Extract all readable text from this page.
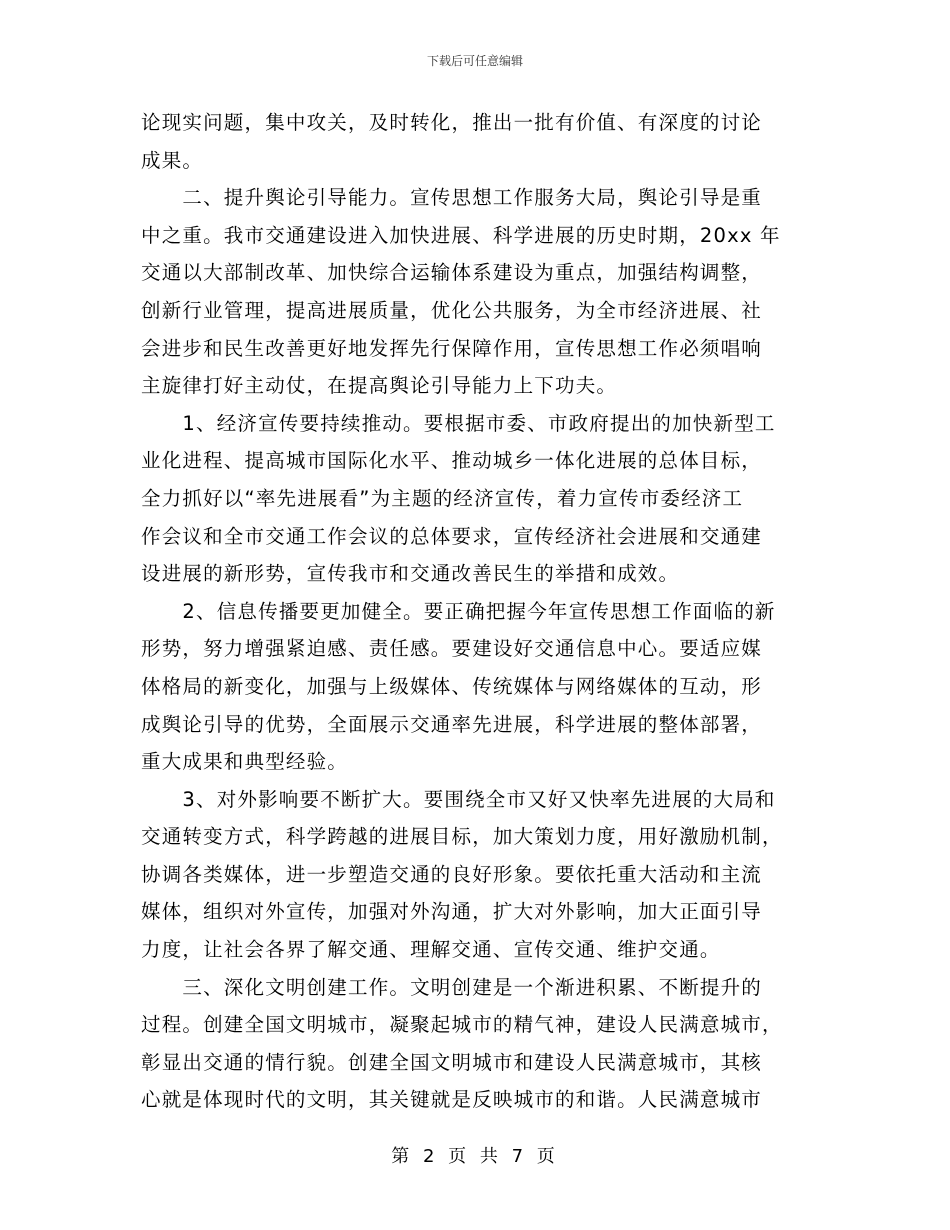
下载后可任意编辑
论现实问题，集中攻关，及时转化，推出一批有价值、有深度的讨论
成果。
　　二、提升舆论引导能力。宣传思想工作服务大局，舆论引导是重
中之重。我市交通建设进入加快进展、科学进展的历史时期，20xx 年
交通以大部制改革、加快综合运输体系建设为重点，加强结构调整，
创新行业管理，提高进展质量，优化公共服务，为全市经济进展、社
会进步和民生改善更好地发挥先行保障作用，宣传思想工作必须唱响
主旋律打好主动仗，在提高舆论引导能力上下功夫。
　　1、经济宣传要持续推动。要根据市委、市政府提出的加快新型工
业化进程、提高城市国际化水平、推动城乡一体化进展的总体目标，
全力抓好以“率先进展看”为主题的经济宣传，着力宣传市委经济工
作会议和全市交通工作会议的总体要求，宣传经济社会进展和交通建
设进展的新形势，宣传我市和交通改善民生的举措和成效。
　　2、信息传播要更加健全。要正确把握今年宣传思想工作面临的新
形势，努力增强紧迫感、责任感。要建设好交通信息中心。要适应媒
体格局的新变化，加强与上级媒体、传统媒体与网络媒体的互动，形
成舆论引导的优势，全面展示交通率先进展，科学进展的整体部署，
重大成果和典型经验。
　　3、对外影响要不断扩大。要围绕全市又好又快率先进展的大局和
交通转变方式，科学跨越的进展目标，加大策划力度，用好激励机制，
协调各类媒体，进一步塑造交通的良好形象。要依托重大活动和主流
媒体，组织对外宣传，加强对外沟通，扩大对外影响，加大正面引导
力度，让社会各界了解交通、理解交通、宣传交通、维护交通。
　　三、深化文明创建工作。文明创建是一个渐进积累、不断提升的
过程。创建全国文明城市，凝聚起城市的精气神，建设人民满意城市，
彰显出交通的情行貌。创建全国文明城市和建设人民满意城市，其核
心就是体现时代的文明，其关键就是反映城市的和谐。人民满意城市
第 2 页 共 7 页
